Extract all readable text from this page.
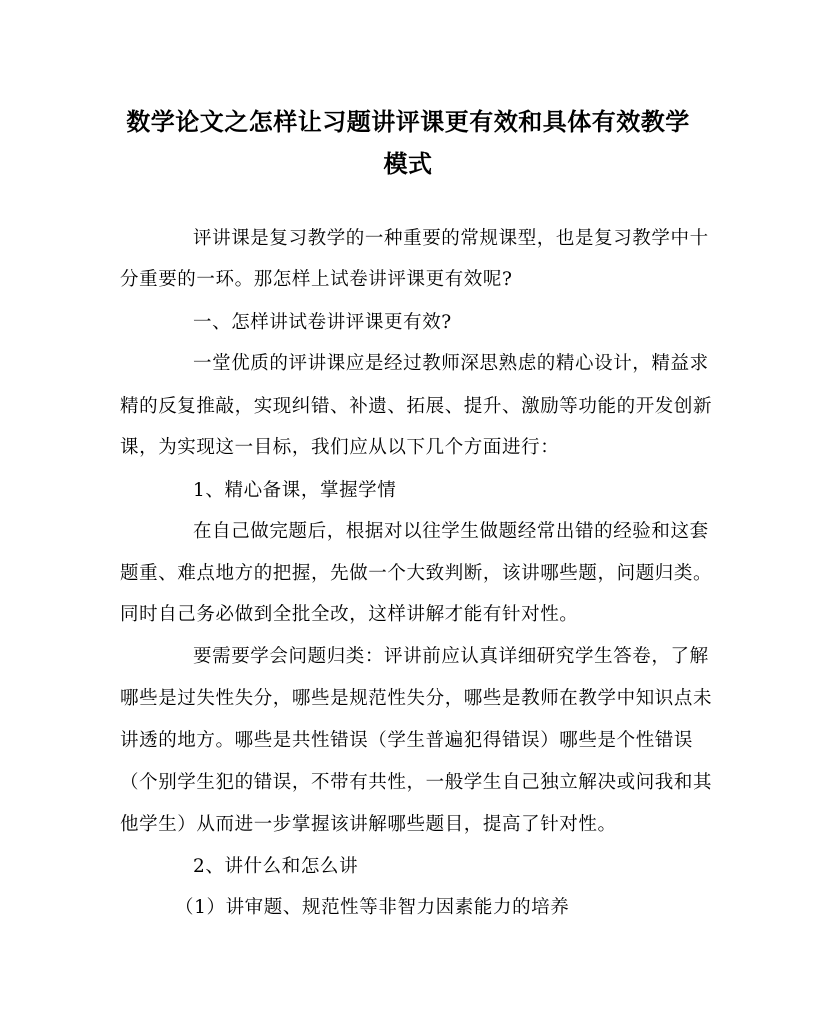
数学论文之怎样让习题讲评课更有效和具体有效教学
模式
评讲课是复习教学的一种重要的常规课型，也是复习教学中十
分重要的一环。那怎样上试卷讲评课更有效呢?
一、怎样讲试卷讲评课更有效?
一堂优质的评讲课应是经过教师深思熟虑的精心设计，精益求
精的反复推敲，实现纠错、补遗、拓展、提升、激励等功能的开发创新
课，为实现这一目标，我们应从以下几个方面进行：
1、精心备课，掌握学情
在自己做完题后，根据对以往学生做题经常出错的经验和这套
题重、难点地方的把握，先做一个大致判断，该讲哪些题，问题归类。
同时自己务必做到全批全改，这样讲解才能有针对性。
要需要学会问题归类：评讲前应认真详细研究学生答卷，了解
哪些是过失性失分，哪些是规范性失分，哪些是教师在教学中知识点未
讲透的地方。哪些是共性错误（学生普遍犯得错误）哪些是个性错误
（个别学生犯的错误，不带有共性，一般学生自己独立解决或问我和其
他学生）从而进一步掌握该讲解哪些题目，提高了针对性。
2、讲什么和怎么讲
（1）讲审题、规范性等非智力因素能力的培养
